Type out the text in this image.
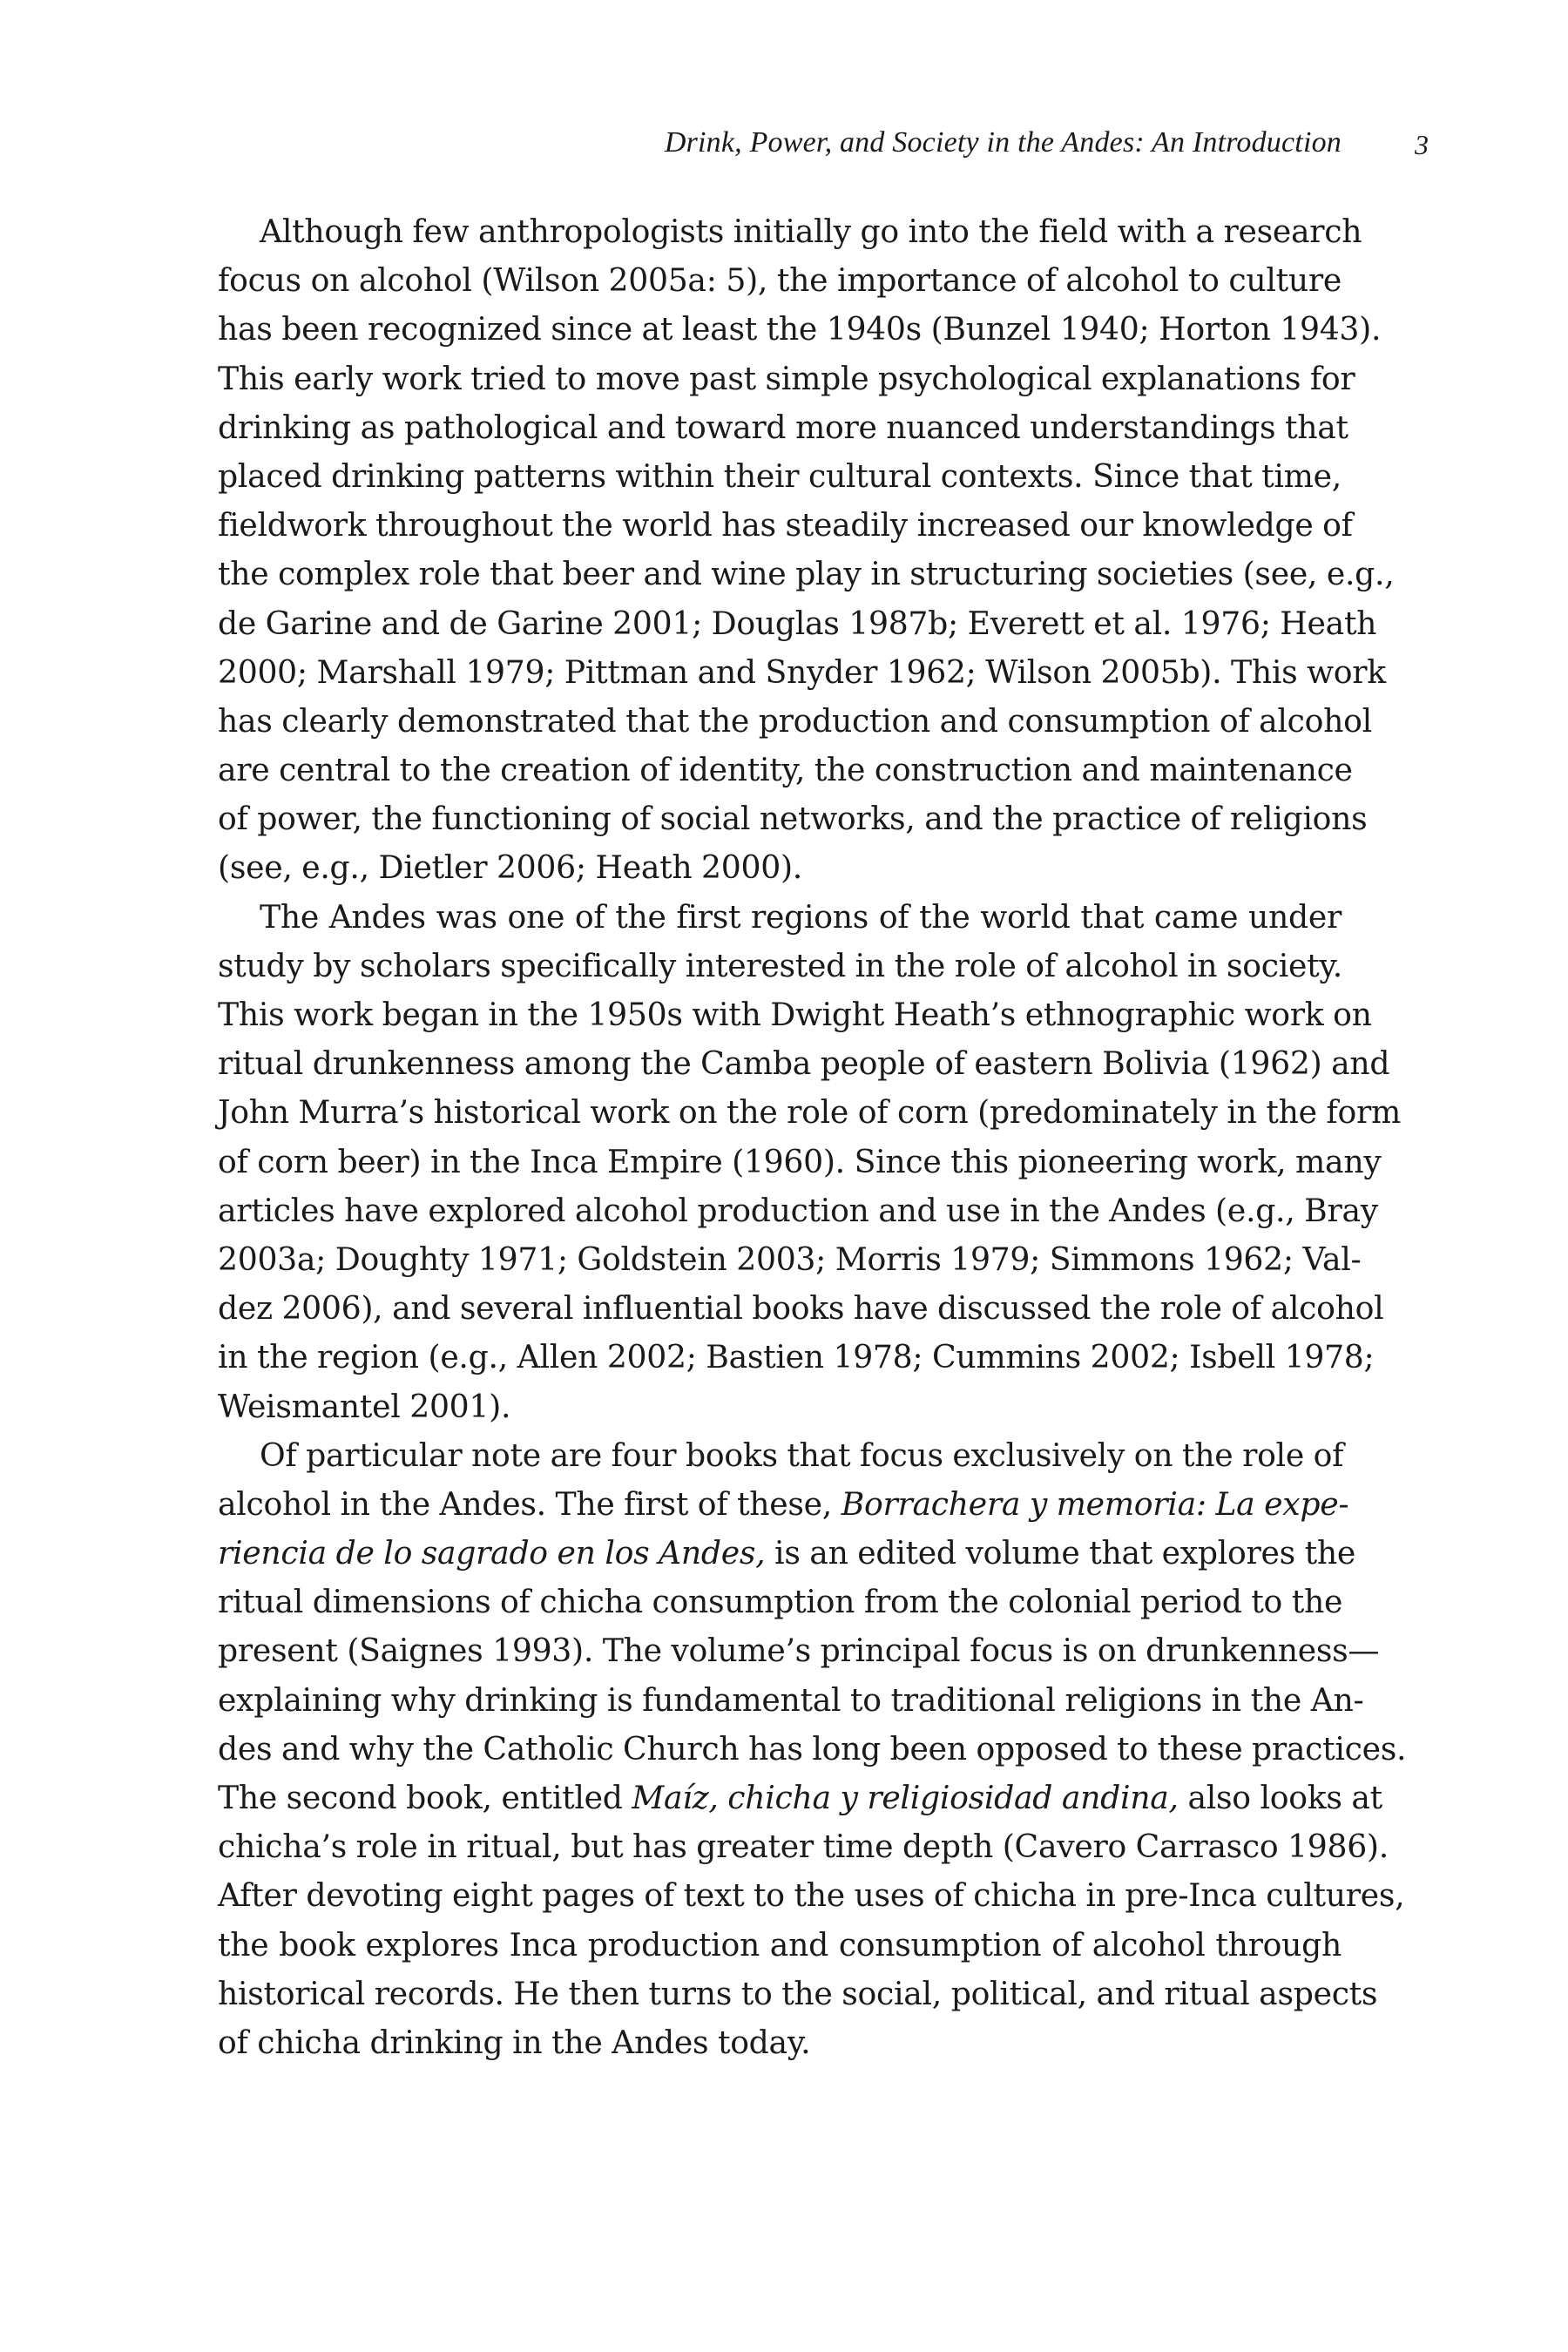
Drink, Power, and Society in the Andes: An Introduction	3
Although few anthropologists initially go into the field with a research
focus on alcohol (Wilson 2005a: 5), the importance of alcohol to culture
has been recognized since at least the 1940s (Bunzel 1940; Horton 1943).
This early work tried to move past simple psychological explanations for
drinking as pathological and toward more nuanced understandings that
placed drinking patterns within their cultural contexts. Since that time,
fieldwork throughout the world has steadily increased our knowledge of
the complex role that beer and wine play in structuring societies (see, e.g.,
de Garine and de Garine 2001; Douglas 1987b; Everett et al. 1976; Heath
2000; Marshall 1979; Pittman and Snyder 1962; Wilson 2005b). This work
has clearly demonstrated that the production and consumption of alcohol
are central to the creation of identity, the construction and maintenance
of power, the functioning of social networks, and the practice of religions
(see, e.g., Dietler 2006; Heath 2000).
The Andes was one of the first regions of the world that came under
study by scholars specifically interested in the role of alcohol in society.
This work began in the 1950s with Dwight Heath’s ethnographic work on
ritual drunkenness among the Camba people of eastern Bolivia (1962) and
John Murra’s historical work on the role of corn (predominately in the form
of corn beer) in the Inca Empire (1960). Since this pioneering work, many
articles have explored alcohol production and use in the Andes (e.g., Bray
2003a; Doughty 1971; Goldstein 2003; Morris 1979; Simmons 1962; Val-
dez 2006), and several influential books have discussed the role of alcohol
in the region (e.g., Allen 2002; Bastien 1978; Cummins 2002; Isbell 1978;
Weismantel 2001).
Of particular note are four books that focus exclusively on the role of
alcohol in the Andes. The first of these, Borrachera y memoria: La expe-
riencia de lo sagrado en los Andes, is an edited volume that explores the
ritual dimensions of chicha consumption from the colonial period to the
present (Saignes 1993). The volume’s principal focus is on drunkenness—
explaining why drinking is fundamental to traditional religions in the An-
des and why the Catholic Church has long been opposed to these practices.
The second book, entitled Maíz, chicha y religiosidad andina, also looks at
chicha’s role in ritual, but has greater time depth (Cavero Carrasco 1986).
After devoting eight pages of text to the uses of chicha in pre-Inca cultures,
the book explores Inca production and consumption of alcohol through
historical records. He then turns to the social, political, and ritual aspects
of chicha drinking in the Andes today.
